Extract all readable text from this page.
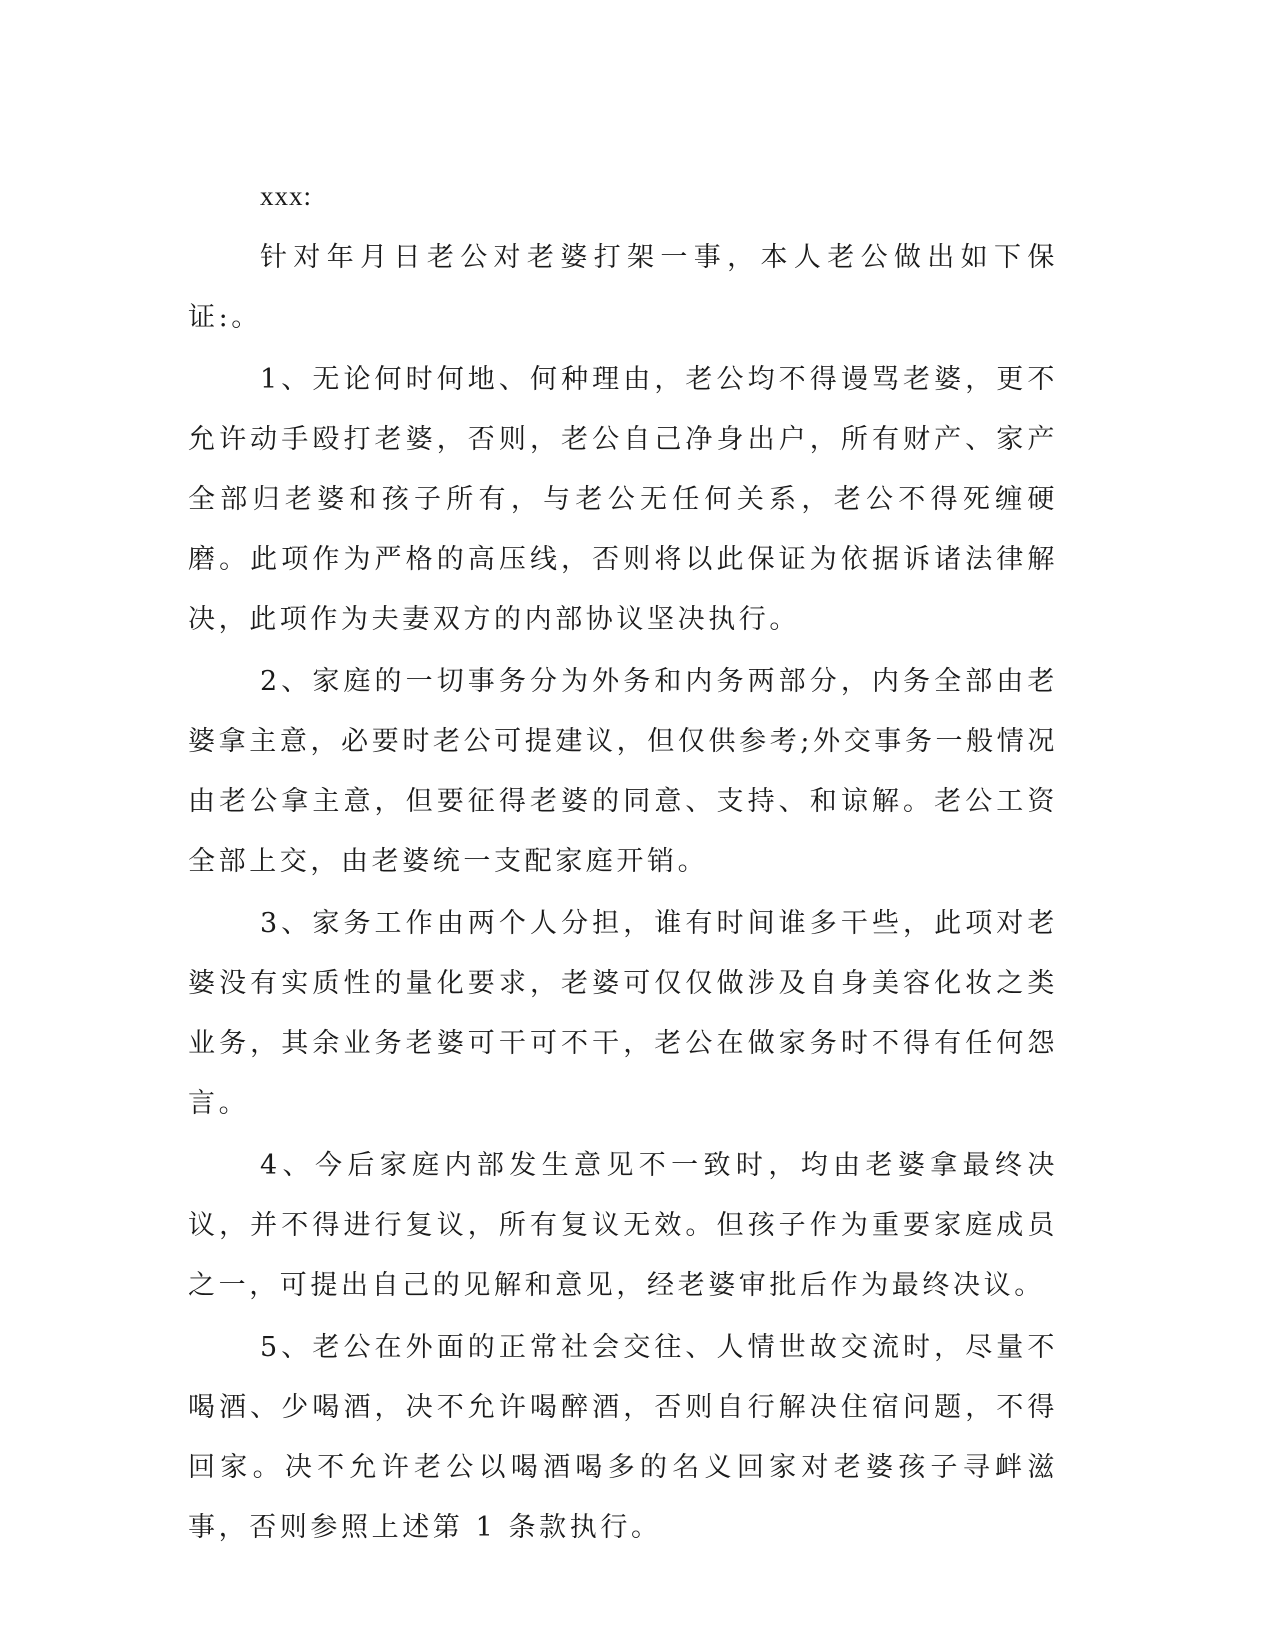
xxx:

针对年月日老公对老婆打架一事，本人老公做出如下保证:。

1、无论何时何地、何种理由，老公均不得谩骂老婆，更不允许动手殴打老婆，否则，老公自己净身出户，所有财产、家产全部归老婆和孩子所有，与老公无任何关系，老公不得死缠硬磨。此项作为严格的高压线，否则将以此保证为依据诉诸法律解决，此项作为夫妻双方的内部协议坚决执行。

2、家庭的一切事务分为外务和内务两部分，内务全部由老婆拿主意，必要时老公可提建议，但仅供参考;外交事务一般情况由老公拿主意，但要征得老婆的同意、支持、和谅解。老公工资全部上交，由老婆统一支配家庭开销。

3、家务工作由两个人分担，谁有时间谁多干些，此项对老婆没有实质性的量化要求，老婆可仅仅做涉及自身美容化妆之类业务，其余业务老婆可干可不干，老公在做家务时不得有任何怨言。

4、今后家庭内部发生意见不一致时，均由老婆拿最终决议，并不得进行复议，所有复议无效。但孩子作为重要家庭成员之一，可提出自己的见解和意见，经老婆审批后作为最终决议。

5、老公在外面的正常社会交往、人情世故交流时，尽量不喝酒、少喝酒，决不允许喝醉酒，否则自行解决住宿问题，不得回家。决不允许老公以喝酒喝多的名义回家对老婆孩子寻衅滋事，否则参照上述第 1 条款执行。
